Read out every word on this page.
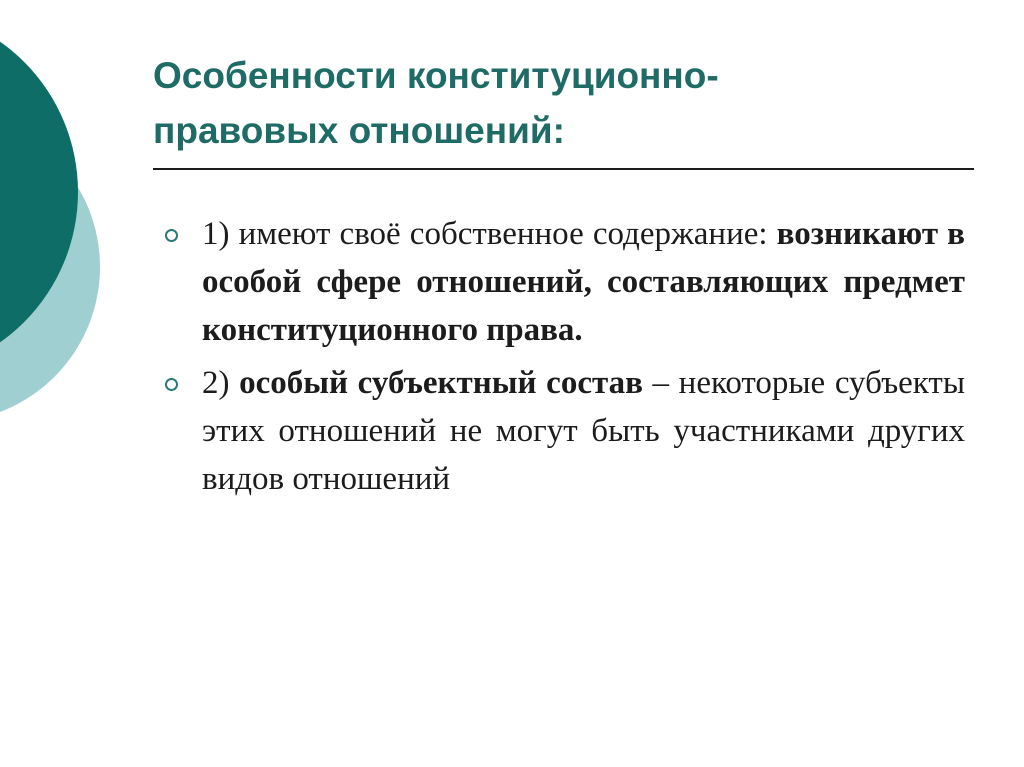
Особенности конституционно-
правовых отношений:
1) имеют своё собственное содержание: возникают в особой сфере отношений, составляющих предмет конституционного права.
2) особый субъектный состав – некоторые субъекты этих отношений не могут быть участниками других видов отношений
